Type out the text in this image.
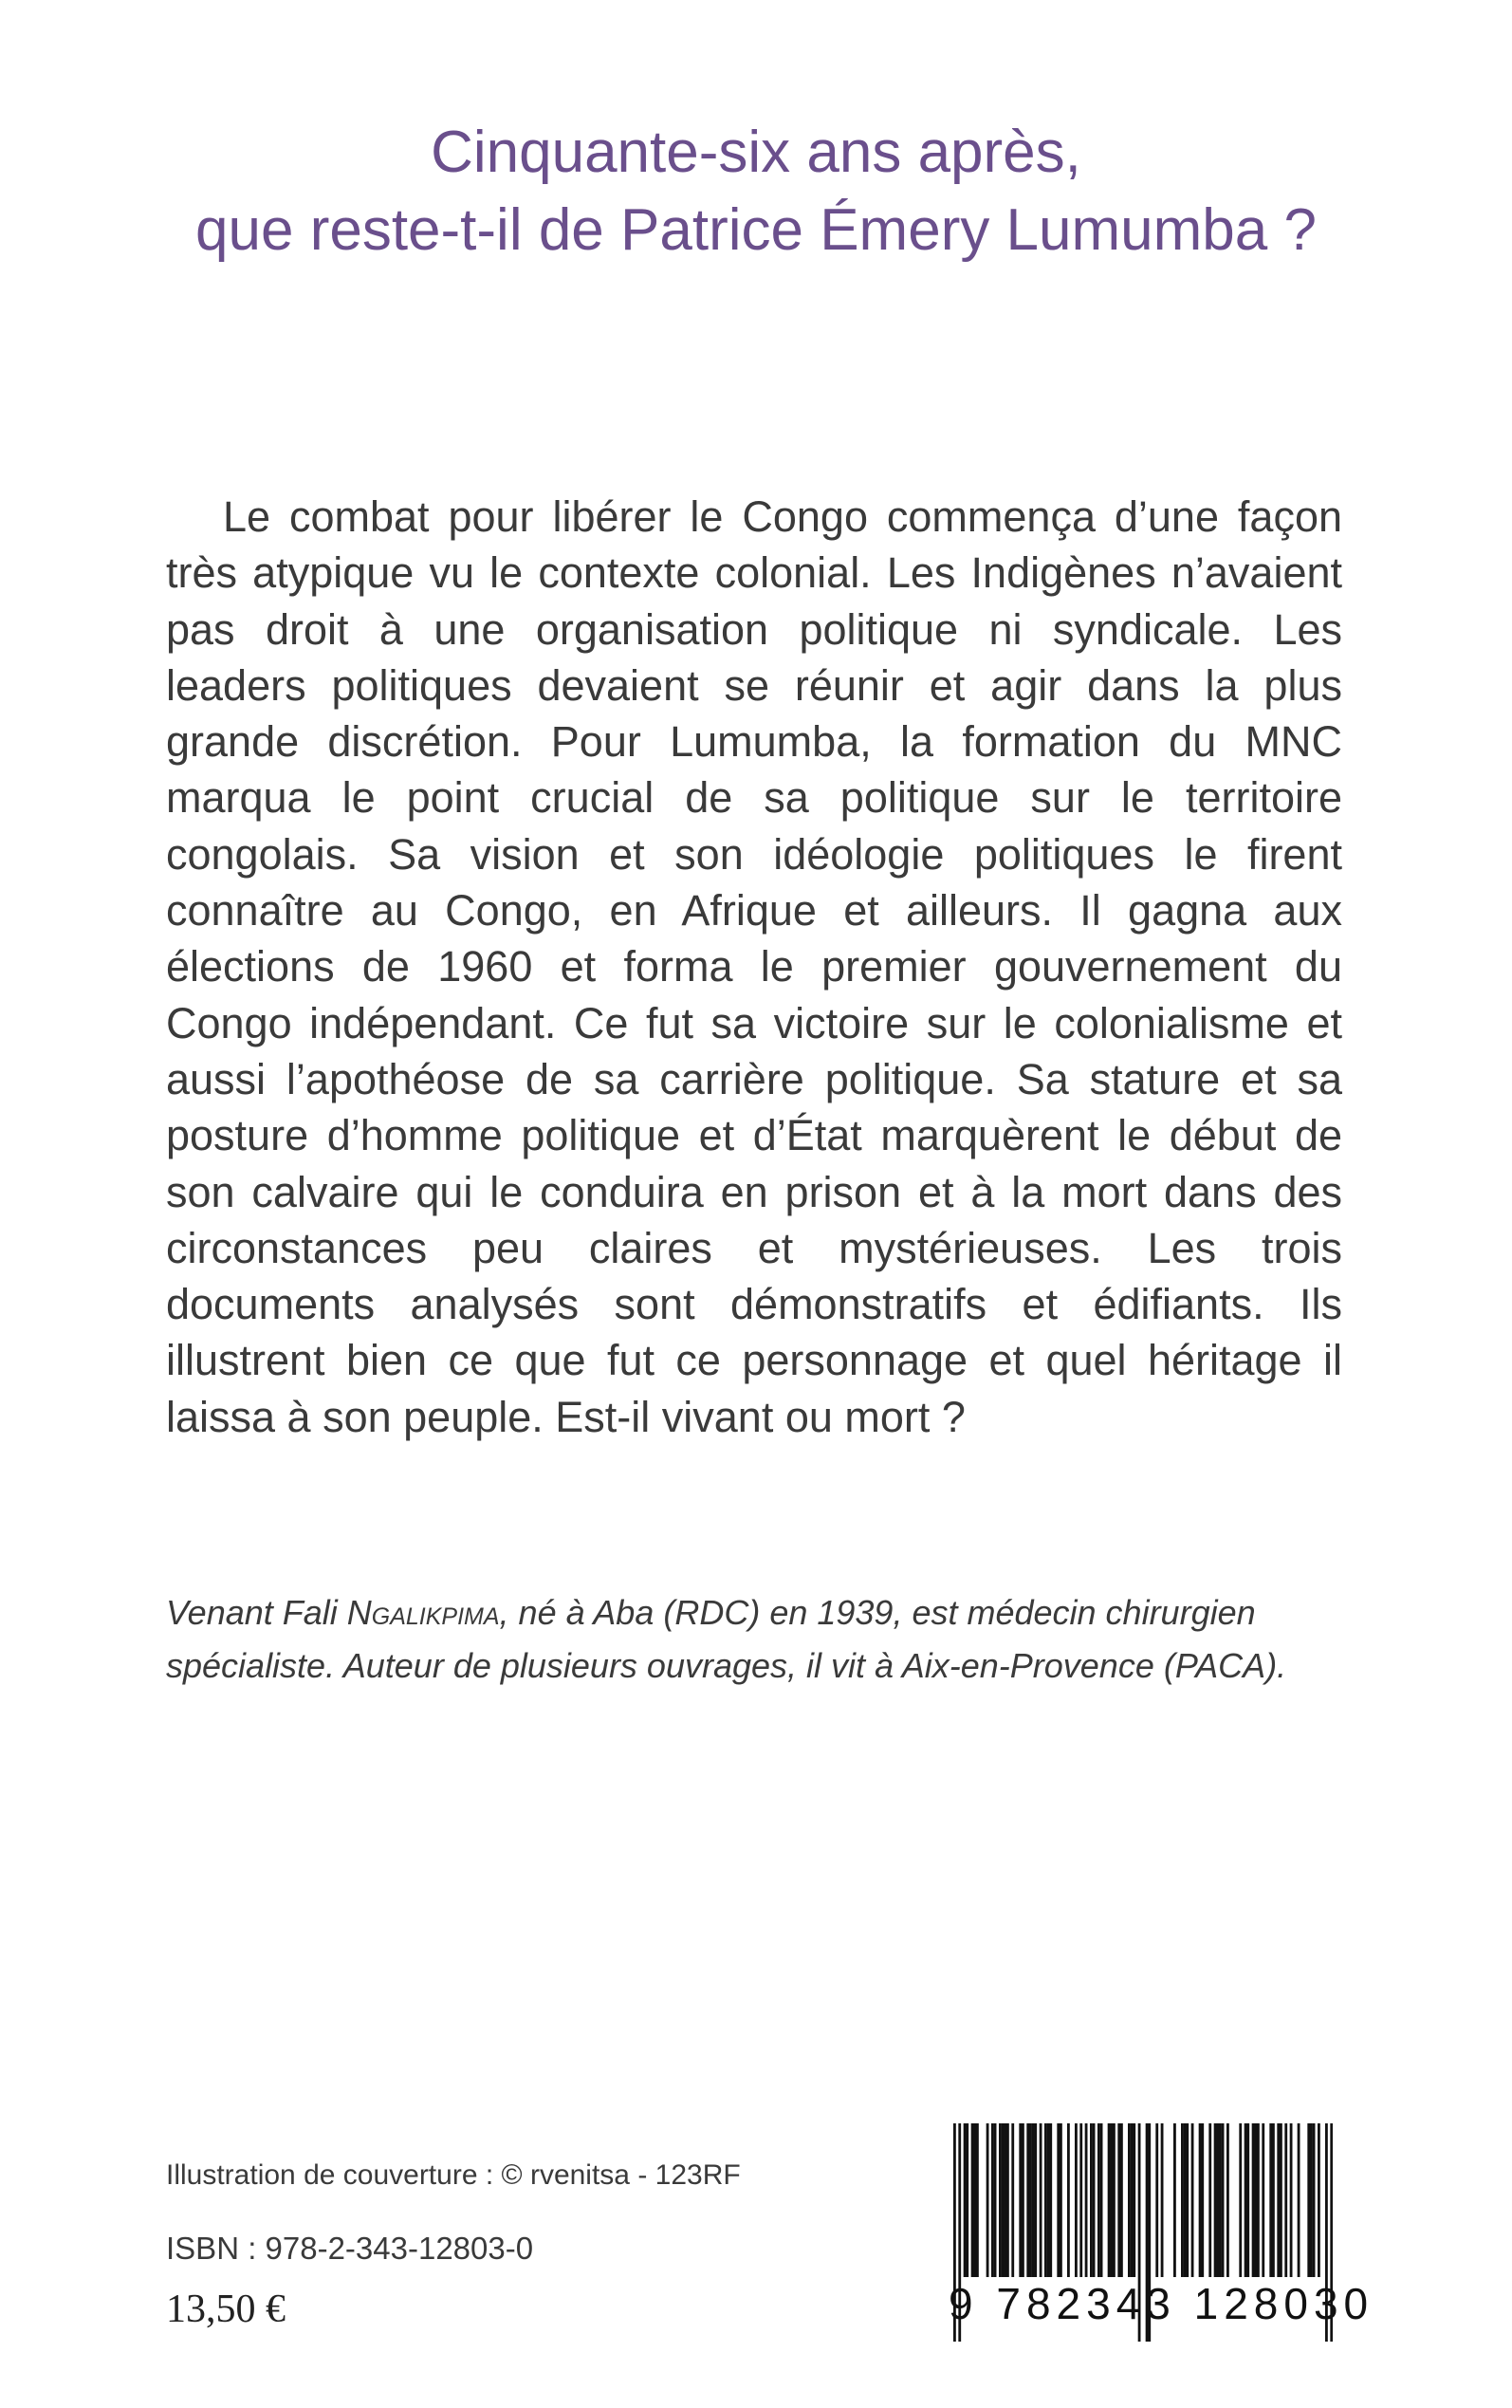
Cinquante-six ans après,
que reste-t-il de Patrice Émery Lumumba ?
Le combat pour libérer le Congo commença d’une façon très atypique vu le contexte colonial. Les Indigènes n’avaient pas droit à une organisation politique ni syndicale. Les leaders politiques devaient se réunir et agir dans la plus grande discrétion. Pour Lumumba, la formation du MNC marqua le point crucial de sa politique sur le territoire congolais. Sa vision et son idéologie politiques le firent connaître au Congo, en Afrique et ailleurs. Il gagna aux élections de 1960 et forma le premier gouvernement du Congo indépendant. Ce fut sa victoire sur le colonialisme et aussi l’apothéose de sa carrière politique. Sa stature et sa posture d’homme politique et d’État marquèrent le début de son calvaire qui le conduira en prison et à la mort dans des circonstances peu claires et mystérieuses. Les trois documents analysés sont démonstratifs et édifiants. Ils illustrent bien ce que fut ce personnage et quel héritage il laissa à son peuple. Est-il vivant ou mort ?
Venant Fali Ngalikpima, né à Aba (RDC) en 1939, est médecin chirurgien spécialiste. Auteur de plusieurs ouvrages, il vit à Aix-en-Provence (PACA).
Illustration de couverture : © rvenitsa - 123RF
ISBN : 978-2-343-12803-0
13,50 €	9 782343 128030
